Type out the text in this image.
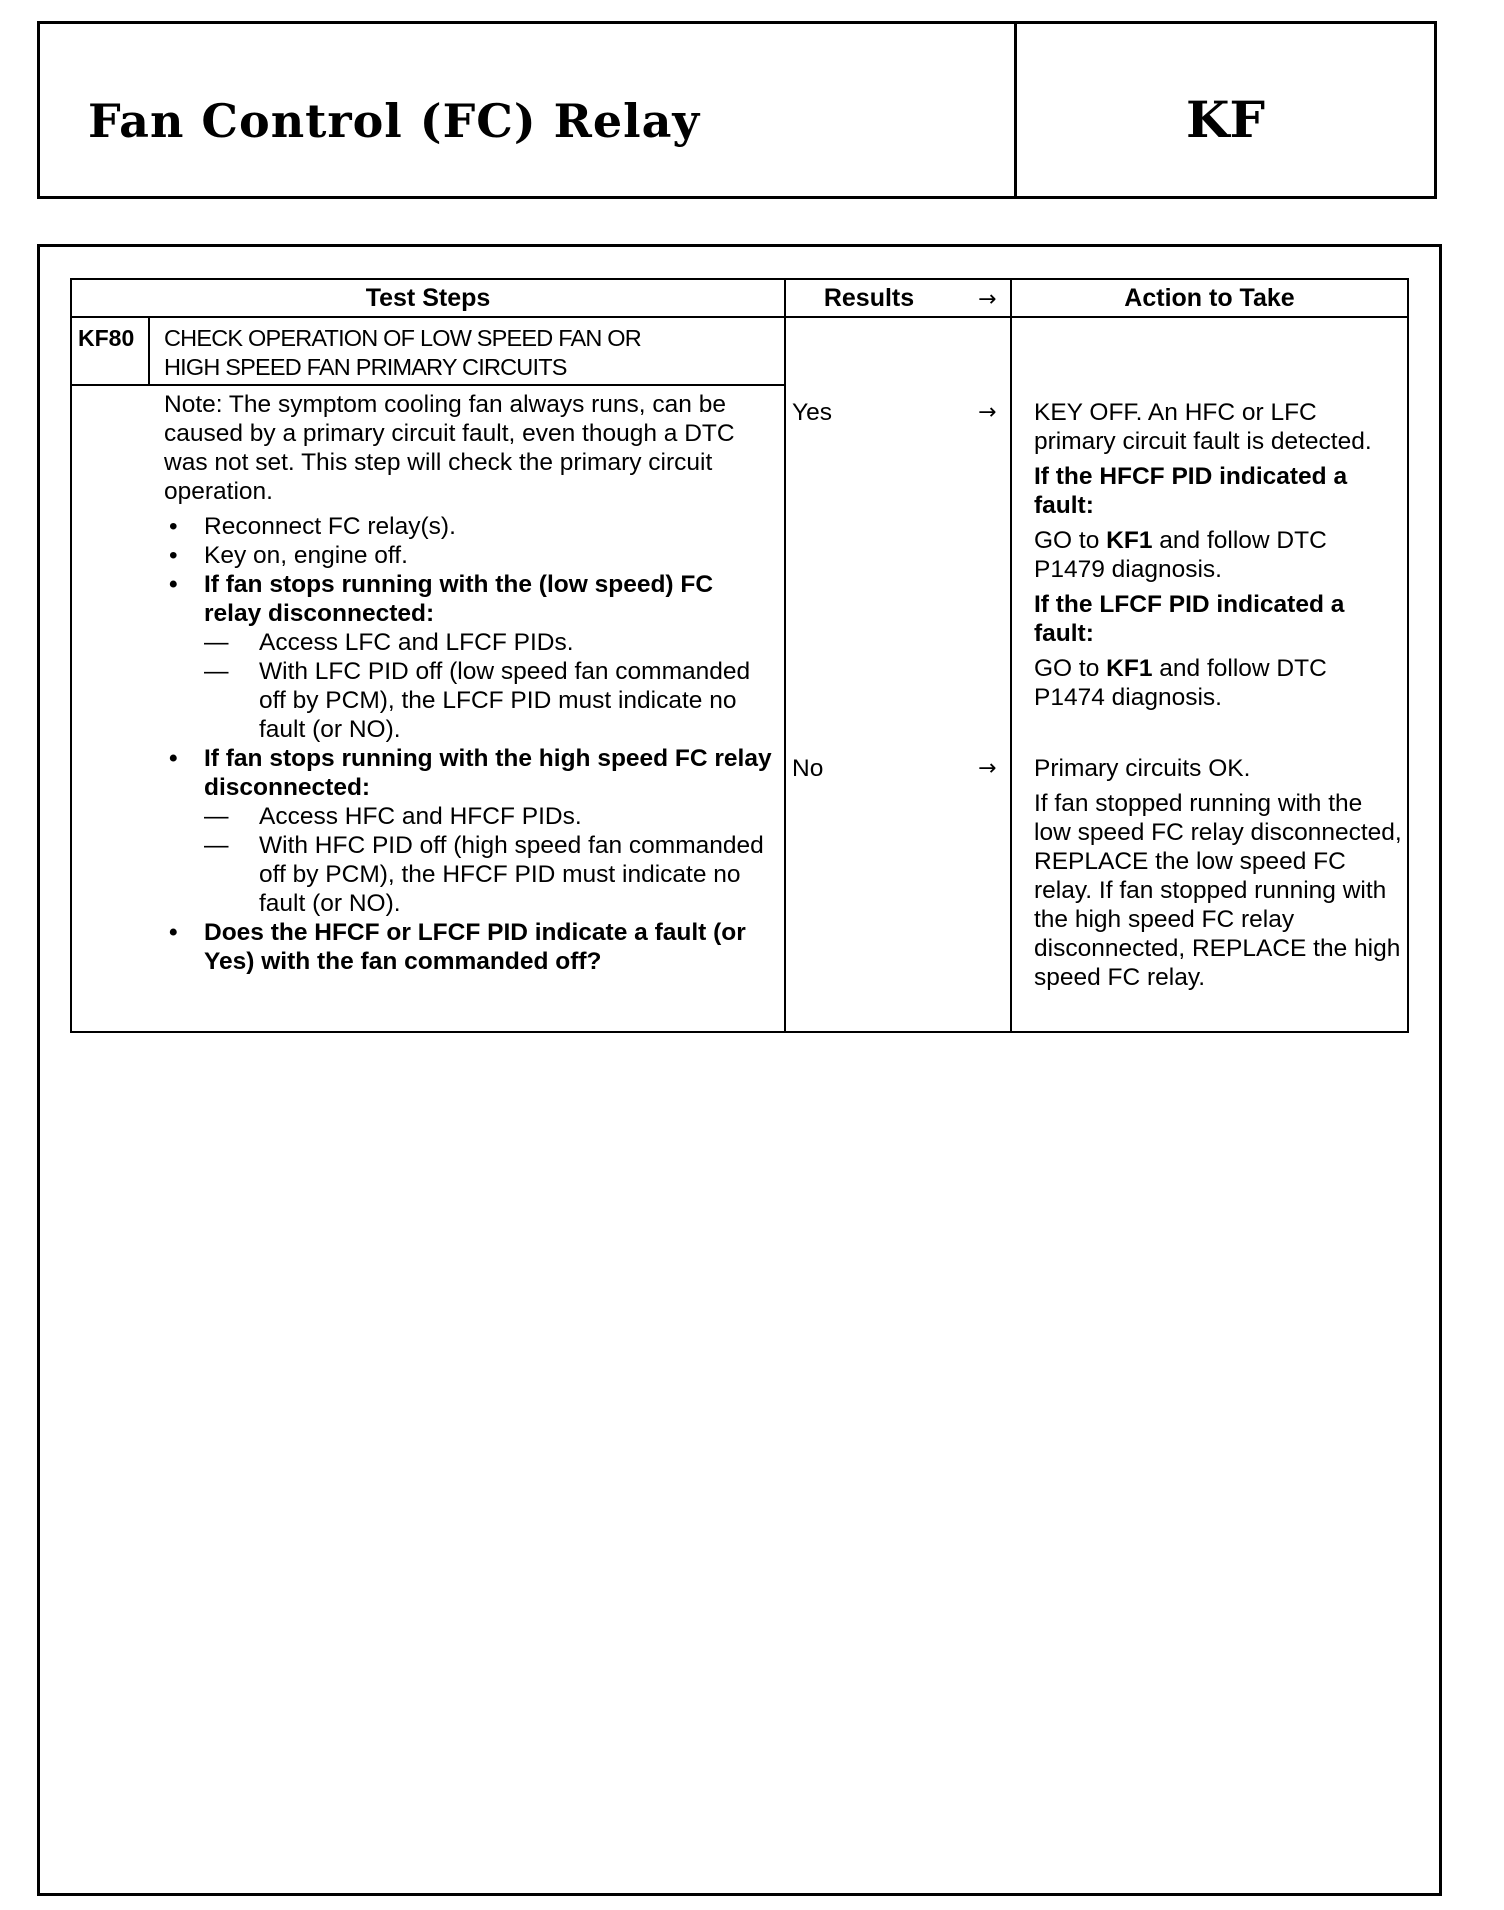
Fan Control (FC) Relay	KF
Test Steps	Results	→	Action to Take
KF80 CHECK OPERATION OF LOW SPEED FAN OR
HIGH SPEED FAN PRIMARY CIRCUITS

Note: The symptom cooling fan always runs, can be caused by a primary circuit fault, even though a DTC was not set. This step will check the primary circuit operation.

• Reconnect FC relay(s).
• Key on, engine off.
• If fan stops running with the (low speed) FC relay disconnected:
— Access LFC and LFCF PIDs.
— With LFC PID off (low speed fan commanded off by PCM), the LFCF PID must indicate no fault (or NO).
• If fan stops running with the high speed FC relay disconnected:
— Access HFC and HFCF PIDs.
— With HFC PID off (high speed fan commanded off by PCM), the HFCF PID must indicate no fault (or NO).
• Does the HFCF or LFCF PID indicate a fault (or Yes) with the fan commanded off?
Yes	→ KEY OFF. An HFC or LFC primary circuit fault is detected.

If the HFCF PID indicated a fault:

GO to KF1 and follow DTC P1479 diagnosis.

If the LFCF PID indicated a fault:

GO to KF1 and follow DTC P1474 diagnosis.

No	→ Primary circuits OK.

If fan stopped running with the low speed FC relay disconnected, REPLACE the low speed FC relay. If fan stopped running with the high speed FC relay disconnected, REPLACE the high speed FC relay.
